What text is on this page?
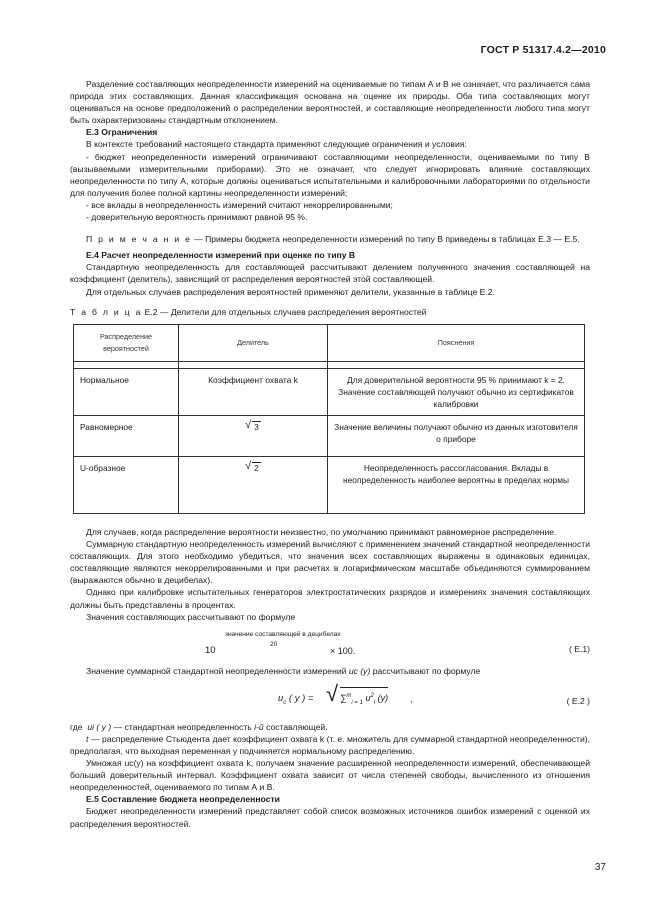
ГОСТ Р 51317.4.2—2010

Разделение составляющих неопределенности измерений на оцениваемые по типам А и В не означает, что различается сама природа этих составляющих. Данная классификация основана на оценке их природы. Оба типа составляющих могут оцениваться на основе предположений о распределении вероятностей, и составляющие неопределенности любого типа могут быть охарактеризованы стандартным отклонением.

Е.3 Ограничения

В контексте требований настоящего стандарта применяют следующие ограничения и условия:

- бюджет неопределенности измерений ограничивают составляющими неопределенности, оцениваемыми по типу В (вызываемыми измерительными приборами). Это не означает, что следует игнорировать влияние составляющих неопределенности по типу А, которые должны оцениваться испытательными и калибровочными лабораториями по отдельности для получения более полной картины неопределенности измерений;

- все вклады в неопределенность измерений считают некоррелированными;

- доверительную вероятность принимают равной 95 %.

П р и м е ч а н и е — Примеры бюджета неопределенности измерений по типу В приведены в таблицах Е.3 — Е.5.

Е.4 Расчет неопределенности измерений при оценке по типу В

Стандартную неопределенность для составляющей рассчитывают делением полученного значения составляющей на коэффициент (делитель), зависящий от распределения вероятностей этой составляющей.

Для отдельных случаев распределения вероятностей применяют делители, указанные в таблице Е.2.

Т а б л и ц а Е.2 — Делители для отдельных случаев распределения вероятностей

Распределение вероятностей	Делитель	Пояснения

Нормальное	Коэффициент охвата k	Для доверительной вероятности 95 % принимают k = 2. Значение составляющей получают обычно из сертификатов калибровки
Равномерное	√ 3	Значение величины получают обычно из данных изготовителя о приборе
U-образное	√ 2	Неопределенность рассогласования. Вклады в неопределенность наиболее вероятны в пределах нормы

Для случаев, когда распределение вероятности неизвестно, по умолчанию принимают равномерное распределение.

Суммарную стандартную неопределенность измерений вычисляют с применением значений стандартной неопределенности составляющих. Для этого необходимо убедиться, что значения всех составляющих выражены в одинаковых единицах, составляющие являются некоррелированными и при расчетах в логарифмическом масштабе объединяются суммированием (выражаются обычно в децибелах).

Однако при калибровке испытательных генераторов электростатических разрядов и измерениях значения составляющих должны быть представлены в процентах.

Значения составляющих рассчитывают по формуле

10
значение составляющей в децибелах
20
× 100.	( Е.1)

Значение суммарной стандартной неопределенности измерений uc (y) рассчитывают по формуле

$u_c$ ( y ) = √ ∑$^m_{i = 1}$ $u^2_i$ (y) ,	( Е.2 )

где  ui ( y ) — стандартная неопределенность i-й составляющей.

t — распределение Стьюдента дает коэффициент охвата k (т. е. множитель для суммарной стандартной неопределенности), предполагая, что выходная переменная y подчиняется нормальному распределению.

Умножая uc(y) на коэффициент охвата k, получаем значение расширенной неопределенности измерений, обеспечивающей больший доверительный интервал. Коэффициент охвата зависит от числа степеней свободы, вычисленного из отношения неопределенностей, оцениваемого по типам А и В.

Е.5 Составление бюджета неопределенности

Бюджет неопределенности измерений представляет собой список возможных источников ошибок измерений с оценкой их распределения вероятностей.

37
